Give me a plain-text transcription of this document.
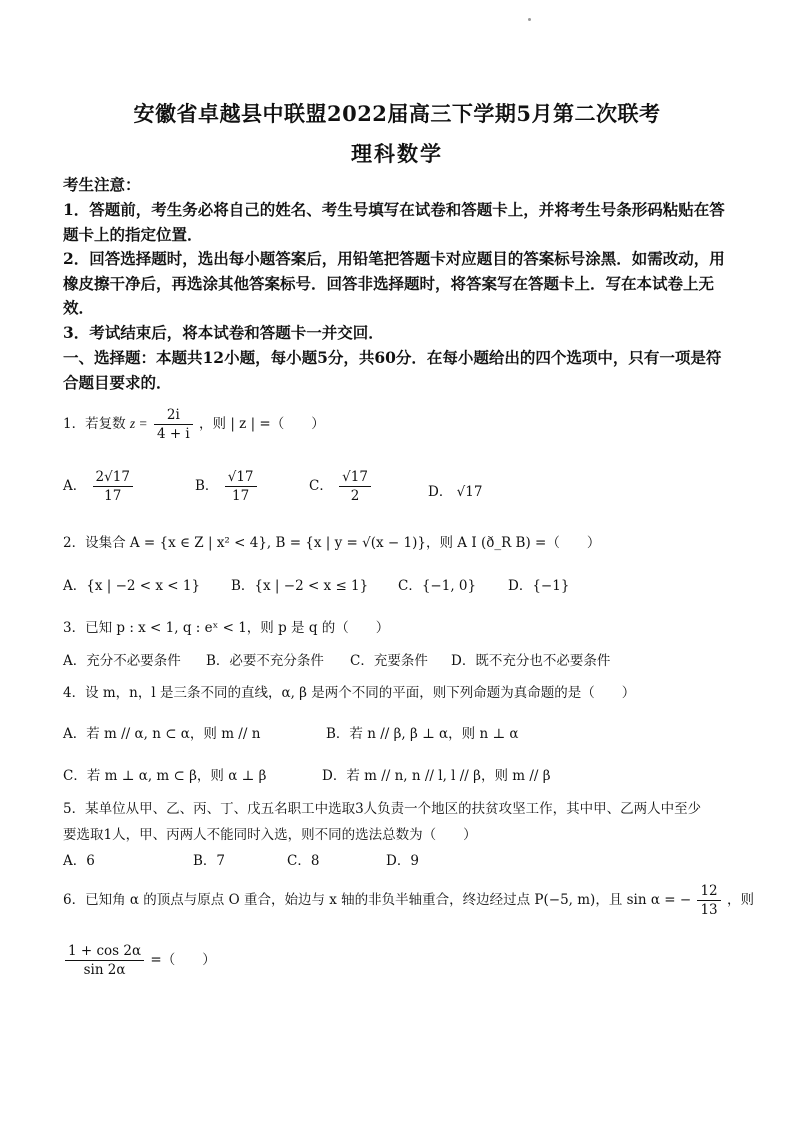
安徽省卓越县中联盟2022届高三下学期5月第二次联考
理科数学
考生注意：
1．答题前，考生务必将自己的姓名、考生号填写在试卷和答题卡上，并将考生号条形码粘贴在答题卡上的指定位置．
2．回答选择题时，选出每小题答案后，用铅笔把答题卡对应题目的答案标号涂黑．如需改动，用橡皮擦干净后，再选涂其他答案标号．回答非选择题时，将答案写在答题卡上．写在本试卷上无效．
3．考试结束后，将本试卷和答题卡一并交回．
一、选择题：本题共12小题，每小题5分，共60分．在每小题给出的四个选项中，只有一项是符合题目要求的．
1．若复数 $z = \frac{2i}{4 + i}$ ，则 | z | =（　　）
A． $\frac{2√17}{17}$	B． $\frac{√17}{17}$	C． $\frac{√17}{2}$	D． √17
2．设集合 A = {x ∈ Z | x² < 4}, B = {x | y = √(x − 1)}，则 A I (ð_R B) =（　　）
A．{x | −2 < x < 1} B．{x | −2 < x ≤ 1} C．{−1, 0} D．{−1}
3．已知 p : x < 1, q : eˣ < 1，则 p 是 q 的（　　）
A．充分不必要条件 B．必要不充分条件 C．充要条件 D．既不充分也不必要条件
4．设 m，n，l 是三条不同的直线，α, β 是两个不同的平面，则下列命题为真命题的是（　　）
A．若 m // α, n ⊂ α，则 m // n	B．若 n // β, β ⊥ α，则 n ⊥ α
C．若 m ⊥ α, m ⊂ β，则 α ⊥ β	D．若 m // n, n // l, l // β，则 m // β
5．某单位从甲、乙、丙、丁、戊五名职工中选取3人负责一个地区的扶贫攻坚工作，其中甲、乙两人中至少
要选取1人，甲、丙两人不能同时入选，则不同的选法总数为（　　）
A．6	B．7	C．8	D．9
6．已知角 α 的顶点与原点 O 重合，始边与 x 轴的非负半轴重合，终边经过点 P(−5, m)，且 sin α = − $\frac{12}{13}$ ，则
$\frac{1 + \cos 2\alpha}{\sin 2\alpha}$ =（　　）
